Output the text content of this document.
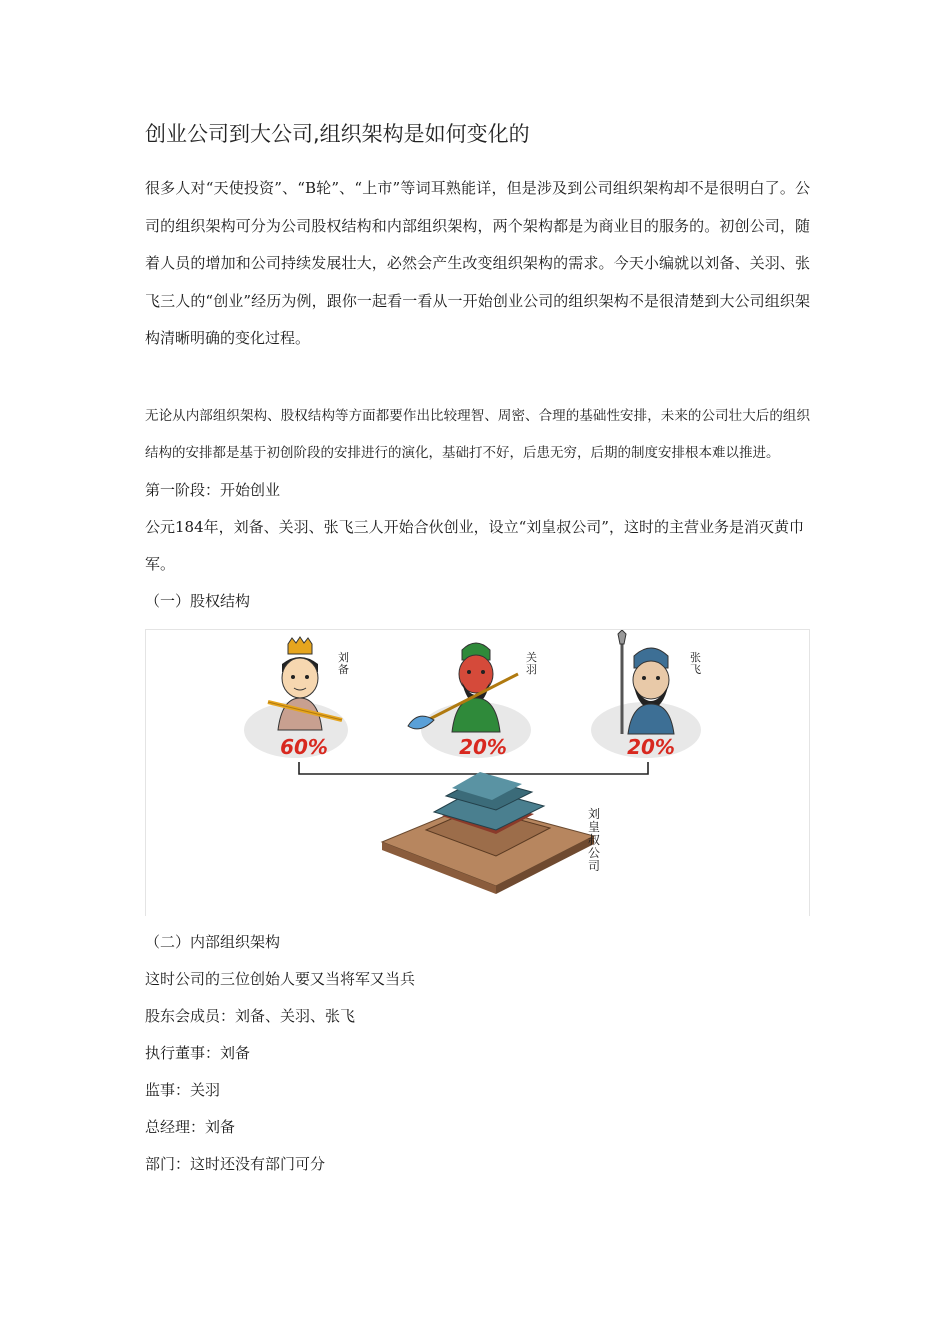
创业公司到大公司,组织架构是如何变化的

很多人对“天使投资”、“B轮”、“上市”等词耳熟能详，但是涉及到公司组织架构却不是很明白了。公司的组织架构可分为公司股权结构和内部组织架构，两个架构都是为商业目的服务的。初创公司，随着人员的增加和公司持续发展壮大，必然会产生改变组织架构的需求。今天小编就以刘备、关羽、张飞三人的“创业”经历为例，跟你一起看一看从一开始创业公司的组织架构不是很清楚到大公司组织架构清晰明确的变化过程。

无论从内部组织架构、股权结构等方面都要作出比较理智、周密、合理的基础性安排，未来的公司壮大后的组织结构的安排都是基于初创阶段的安排进行的演化，基础打不好，后患无穷，后期的制度安排根本难以推进。

第一阶段：开始创业

公元184年，刘备、关羽、张飞三人开始合伙创业，设立“刘皇叔公司”，这时的主营业务是消灭黄巾军。

（一）股权结构

60%	20%	20%
刘备
关羽
张飞
刘皇叔公司

（二）内部组织架构

这时公司的三位创始人要又当将军又当兵

股东会成员：刘备、关羽、张飞

执行董事：刘备

监事：关羽

总经理：刘备

部门：这时还没有部门可分
